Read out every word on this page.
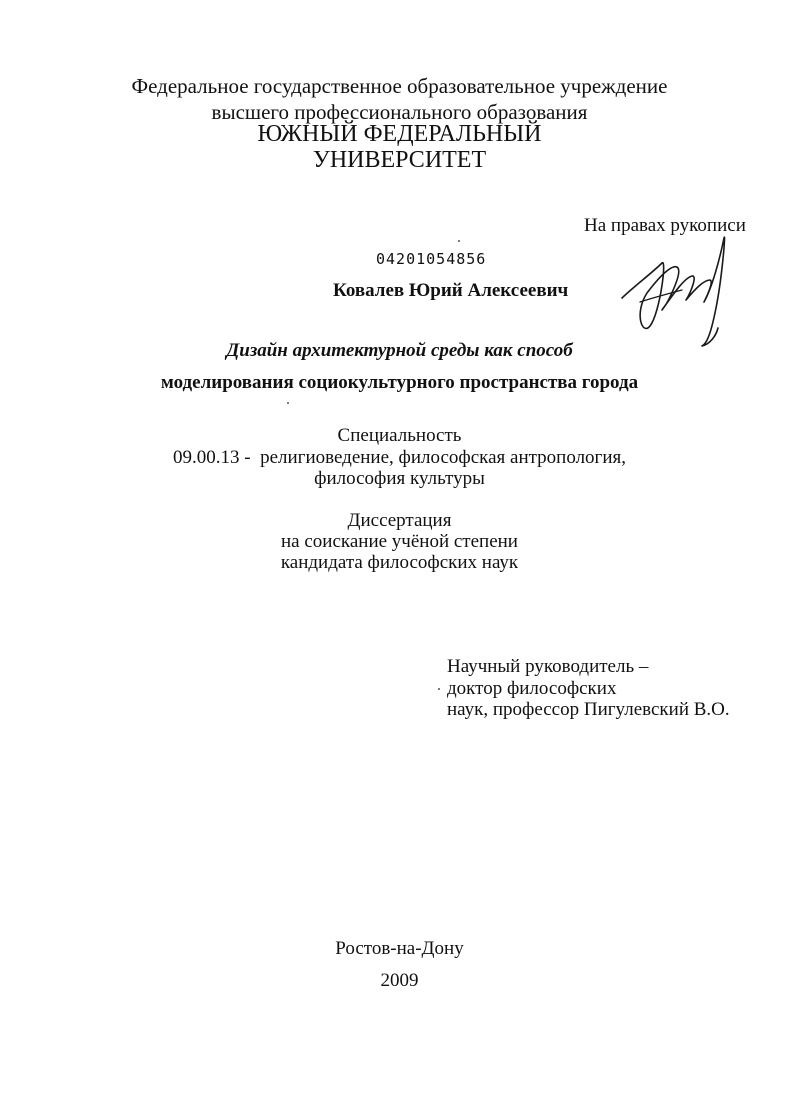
Федеральное государственное образовательное учреждение
высшего профессионального образования
ЮЖНЫЙ ФЕДЕРАЛЬНЫЙ
УНИВЕРСИТЕТ
На правах рукописи
04201054856
Ковалев Юрий Алексеевич
Дизайн архитектурной среды как способ
моделирования социокультурного пространства города
Специальность
09.00.13 -  религиоведение, философская антропология,
философия культуры
Диссертация
на соискание учёной степени
кандидата философских наук
Научный руководитель –
доктор философских
наук, профессор Пигулевский В.О.
Ростов-на-Дону
2009
